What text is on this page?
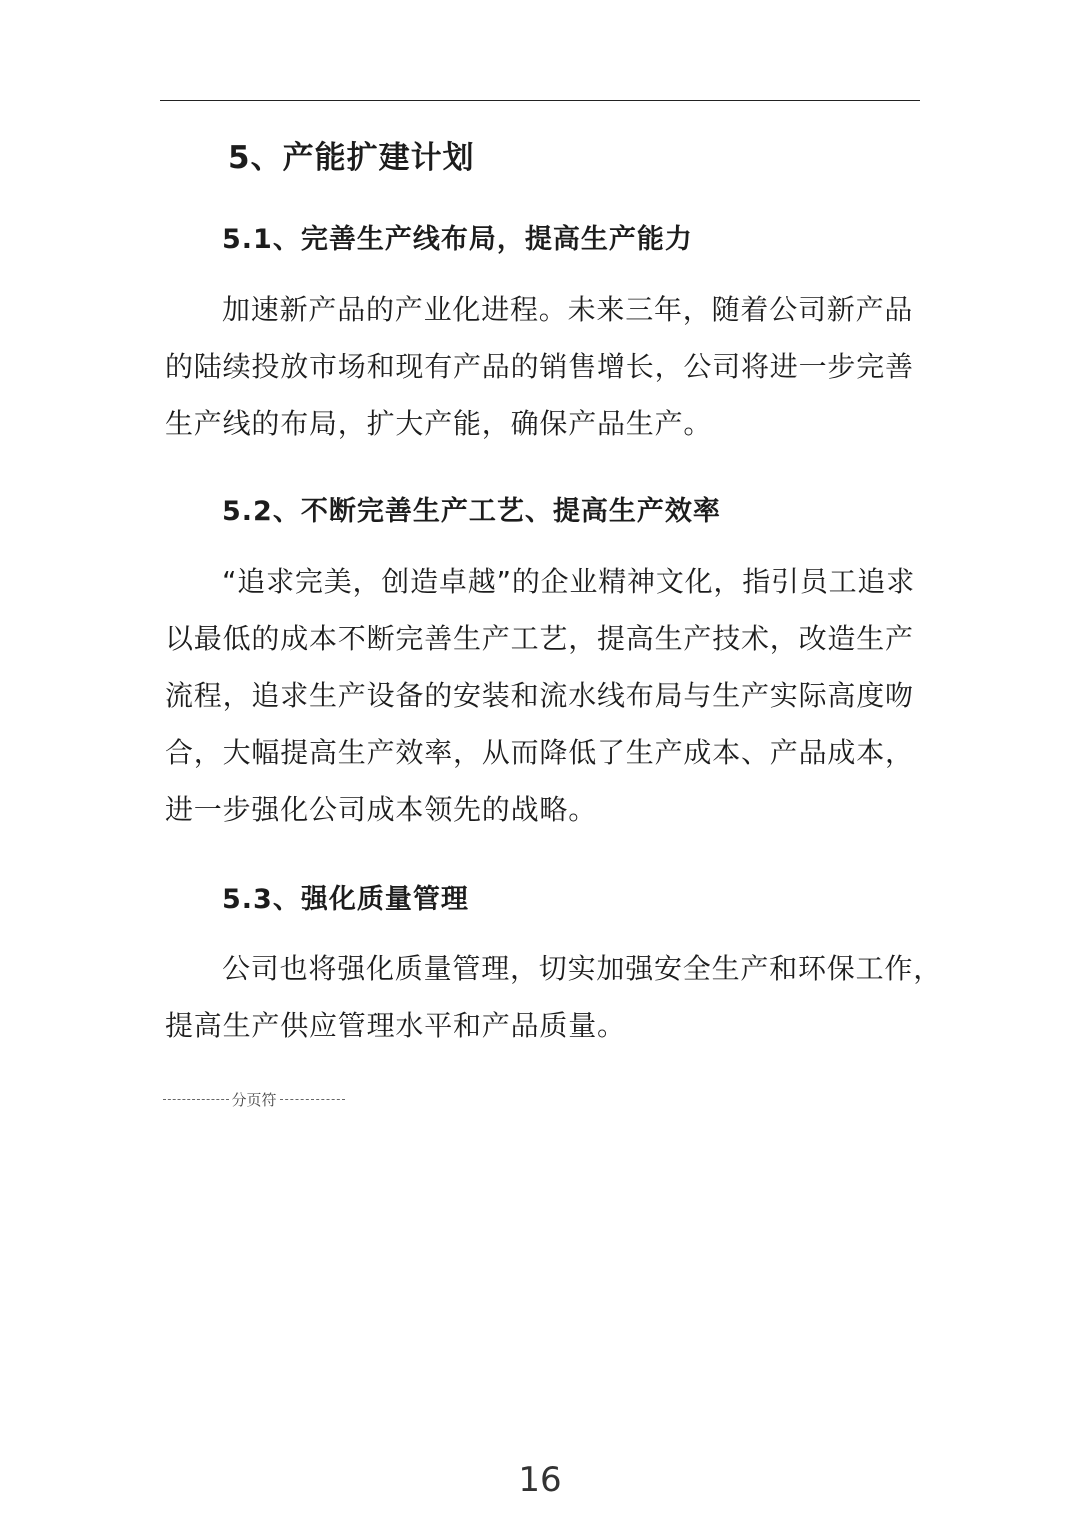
5、产能扩建计划
5.1、完善生产线布局，提高生产能力
加速新产品的产业化进程。未来三年，随着公司新产品
的陆续投放市场和现有产品的销售增长，公司将进一步完善
生产线的布局，扩大产能，确保产品生产。
5.2、不断完善生产工艺、提高生产效率
“追求完美，创造卓越”的企业精神文化，指引员工追求
以最低的成本不断完善生产工艺，提高生产技术，改造生产
流程，追求生产设备的安装和流水线布局与生产实际高度吻
合，大幅提高生产效率，从而降低了生产成本、产品成本，
进一步强化公司成本领先的战略。
5.3、强化质量管理
公司也将强化质量管理，切实加强安全生产和环保工作，
提高生产供应管理水平和产品质量。
分页符
16
